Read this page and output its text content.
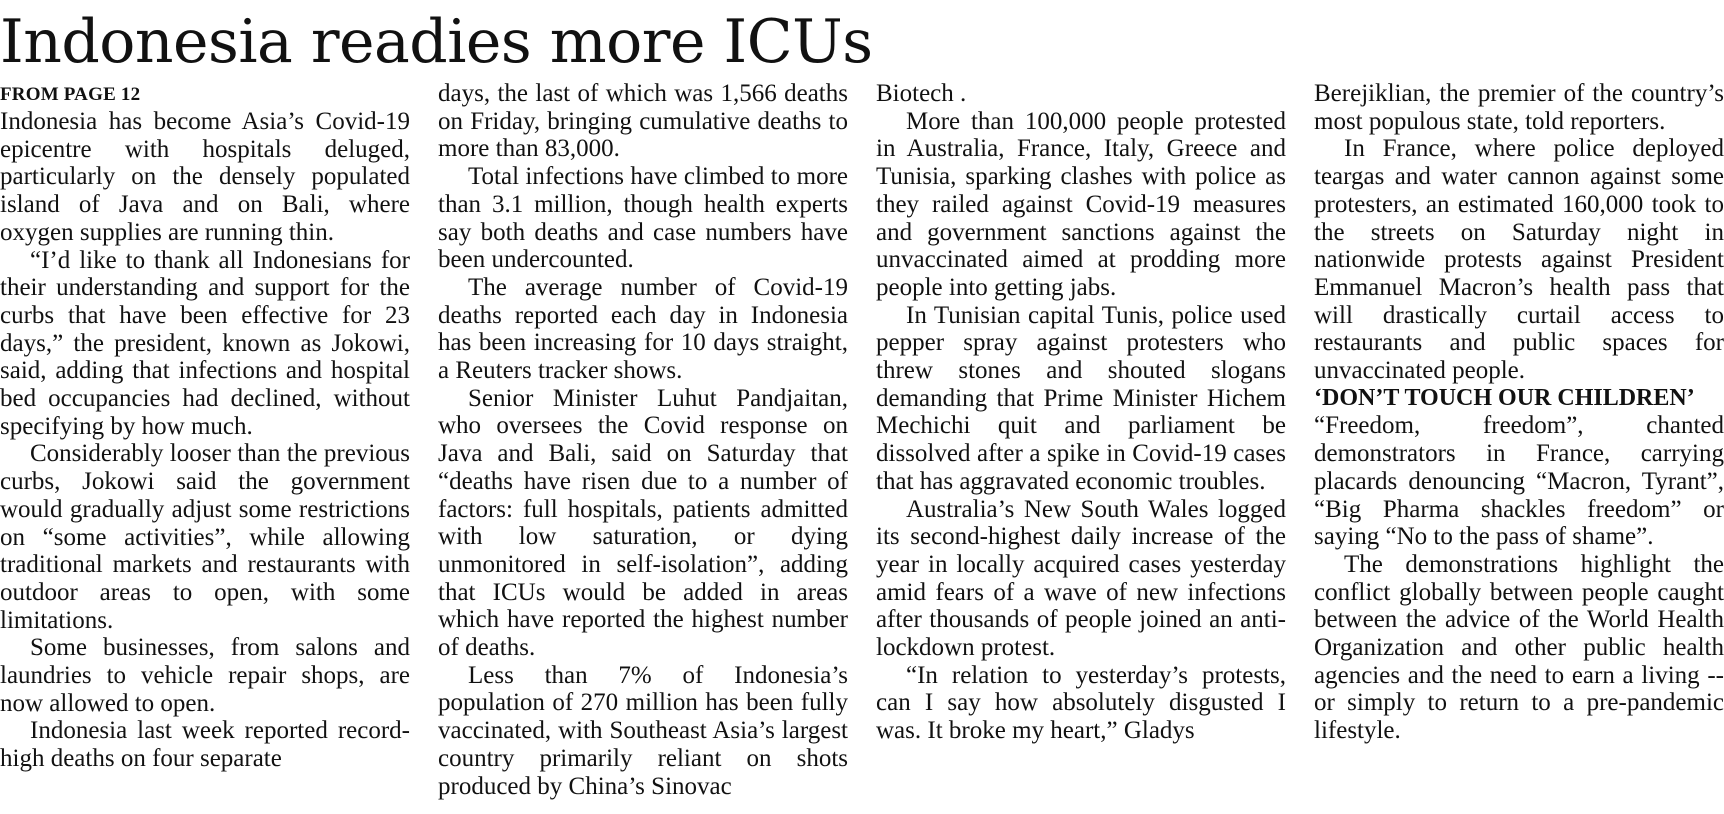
Indonesia readies more ICUs
FROM PAGE 12

Indonesia has become Asia’s Covid-19 epicentre with hospitals deluged, particularly on the densely populated island of Java and on Bali, where oxygen supplies are running thin.

“I’d like to thank all Indonesians for their understanding and support for the curbs that have been effective for 23 days,” the president, known as Jokowi, said, adding that infections and hospital bed occupancies had declined, without specifying by how much.

Considerably looser than the previous curbs, Jokowi said the government would gradually adjust some restrictions on “some activities”, while allowing traditional markets and restaurants with outdoor areas to open, with some limitations.

Some businesses, from salons and laundries to vehicle repair shops, are now allowed to open.

Indonesia last week reported record-high deaths on four separate

days, the last of which was 1,566 deaths on Friday, bringing cumulative deaths to more than 83,000.

Total infections have climbed to more than 3.1 million, though health experts say both deaths and case numbers have been undercounted.

The average number of Covid-19 deaths reported each day in Indonesia has been increasing for 10 days straight, a Reuters tracker shows.

Senior Minister Luhut Pandjaitan, who oversees the Covid response on Java and Bali, said on Saturday that “deaths have risen due to a number of factors: full hospitals, patients admitted with low saturation, or dying unmonitored in self-isolation”, adding that ICUs would be added in areas which have reported the highest number of deaths.

Less than 7% of Indonesia’s population of 270 million has been fully vaccinated, with Southeast Asia’s largest country primarily reliant on shots produced by China’s Sinovac

Biotech .

More than 100,000 people protested in Australia, France, Italy, Greece and Tunisia, sparking clashes with police as they railed against Covid-19 measures and government sanctions against the unvaccinated aimed at prodding more people into getting jabs.

In Tunisian capital Tunis, police used pepper spray against protesters who threw stones and shouted slogans demanding that Prime Minister Hichem Mechichi quit and parliament be dissolved after a spike in Covid-19 cases that has aggravated economic troubles.

Australia’s New South Wales logged its second-highest daily increase of the year in locally acquired cases yesterday amid fears of a wave of new infections after thousands of people joined an anti-lockdown protest.

“In relation to yesterday’s protests, can I say how absolutely disgusted I was. It broke my heart,” Gladys

Berejiklian, the premier of the country’s most populous state, told reporters.

In France, where police deployed teargas and water cannon against some protesters, an estimated 160,000 took to the streets on Saturday night in nationwide protests against President Emmanuel Macron’s health pass that will drastically curtail access to restaurants and public spaces for unvaccinated people.

‘DON’T TOUCH OUR CHILDREN’

“Freedom, freedom”, chanted demonstrators in France, carrying placards denouncing “Macron, Tyrant”, “Big Pharma shackles freedom” or saying “No to the pass of shame”.

The demonstrations highlight the conflict globally between people caught between the advice of the World Health Organization and other public health agencies and the need to earn a living -- or simply to return to a pre-pandemic lifestyle.
